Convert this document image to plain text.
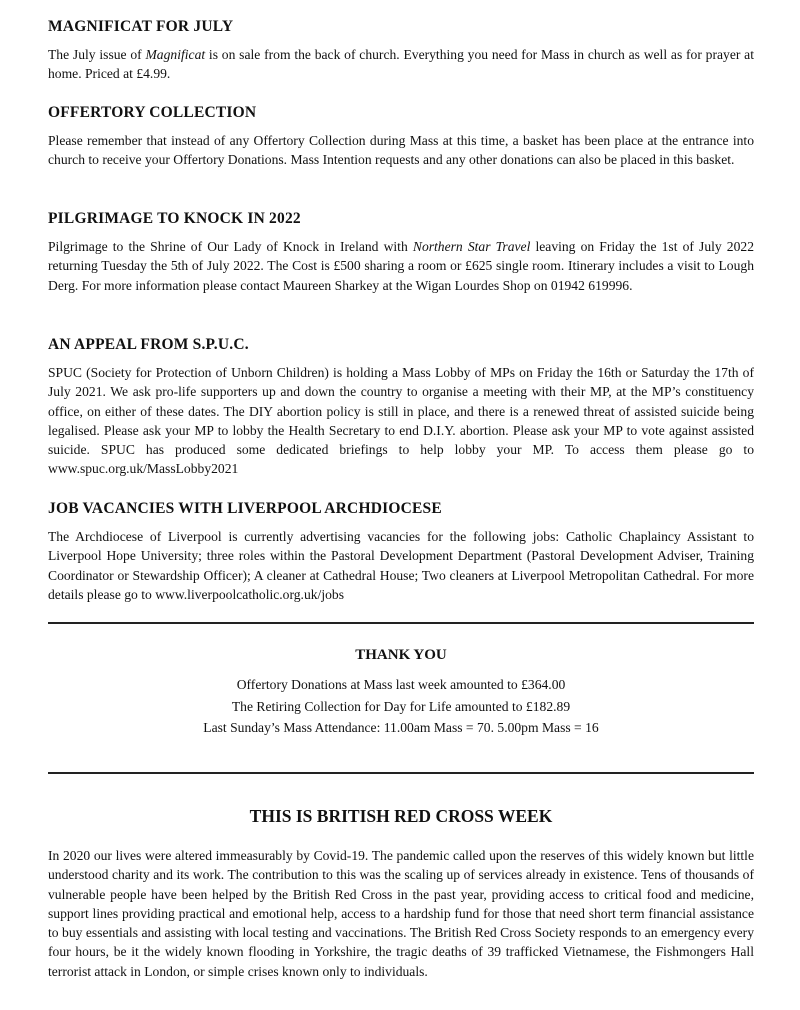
MAGNIFICAT FOR JULY

The July issue of Magnificat is on sale from the back of church. Everything you need for Mass in church as well as for prayer at home. Priced at £4.99.

OFFERTORY COLLECTION

Please remember that instead of any Offertory Collection during Mass at this time, a basket has been place at the entrance into church to receive your Offertory Donations. Mass Intention requests and any other donations can also be placed in this basket.

PILGRIMAGE TO KNOCK IN 2022

Pilgrimage to the Shrine of Our Lady of Knock in Ireland with Northern Star Travel leaving on Friday the 1st of July 2022 returning Tuesday the 5th of July 2022. The Cost is £500 sharing a room or £625 single room. Itinerary includes a visit to Lough Derg. For more information please contact Maureen Sharkey at the Wigan Lourdes Shop on 01942 619996.

AN APPEAL FROM S.P.U.C.

SPUC (Society for Protection of Unborn Children) is holding a Mass Lobby of MPs on Friday the 16th or Saturday the 17th of July 2021. We ask pro-life supporters up and down the country to organise a meeting with their MP, at the MP’s constituency office, on either of these dates. The DIY abortion policy is still in place, and there is a renewed threat of assisted suicide being legalised. Please ask your MP to lobby the Health Secretary to end D.I.Y. abortion. Please ask your MP to vote against assisted suicide. SPUC has produced some dedicated briefings to help lobby your MP. To access them please go to www.spuc.org.uk/MassLobby2021

JOB VACANCIES WITH LIVERPOOL ARCHDIOCESE

The Archdiocese of Liverpool is currently advertising vacancies for the following jobs: Catholic Chaplaincy Assistant to Liverpool Hope University; three roles within the Pastoral Development Department (Pastoral Development Adviser, Training Coordinator or Stewardship Officer); A cleaner at Cathedral House; Two cleaners at Liverpool Metropolitan Cathedral. For more details please go to www.liverpoolcatholic.org.uk/jobs

THANK YOU
Offertory Donations at Mass last week amounted to £364.00
The Retiring Collection for Day for Life amounted to £182.89
Last Sunday’s Mass Attendance: 11.00am Mass = 70. 5.00pm Mass = 16
THIS IS BRITISH RED CROSS WEEK

In 2020 our lives were altered immeasurably by Covid-19. The pandemic called upon the reserves of this widely known but little understood charity and its work. The contribution to this was the scaling up of services already in existence. Tens of thousands of vulnerable people have been helped by the British Red Cross in the past year, providing access to critical food and medicine, support lines providing practical and emotional help, access to a hardship fund for those that need short term financial assistance to buy essentials and assisting with local testing and vaccinations. The British Red Cross Society responds to an emergency every four hours, be it the widely known flooding in Yorkshire, the tragic deaths of 39 trafficked Vietnamese, the Fishmongers Hall terrorist attack in London, or simple crises known only to individuals.
